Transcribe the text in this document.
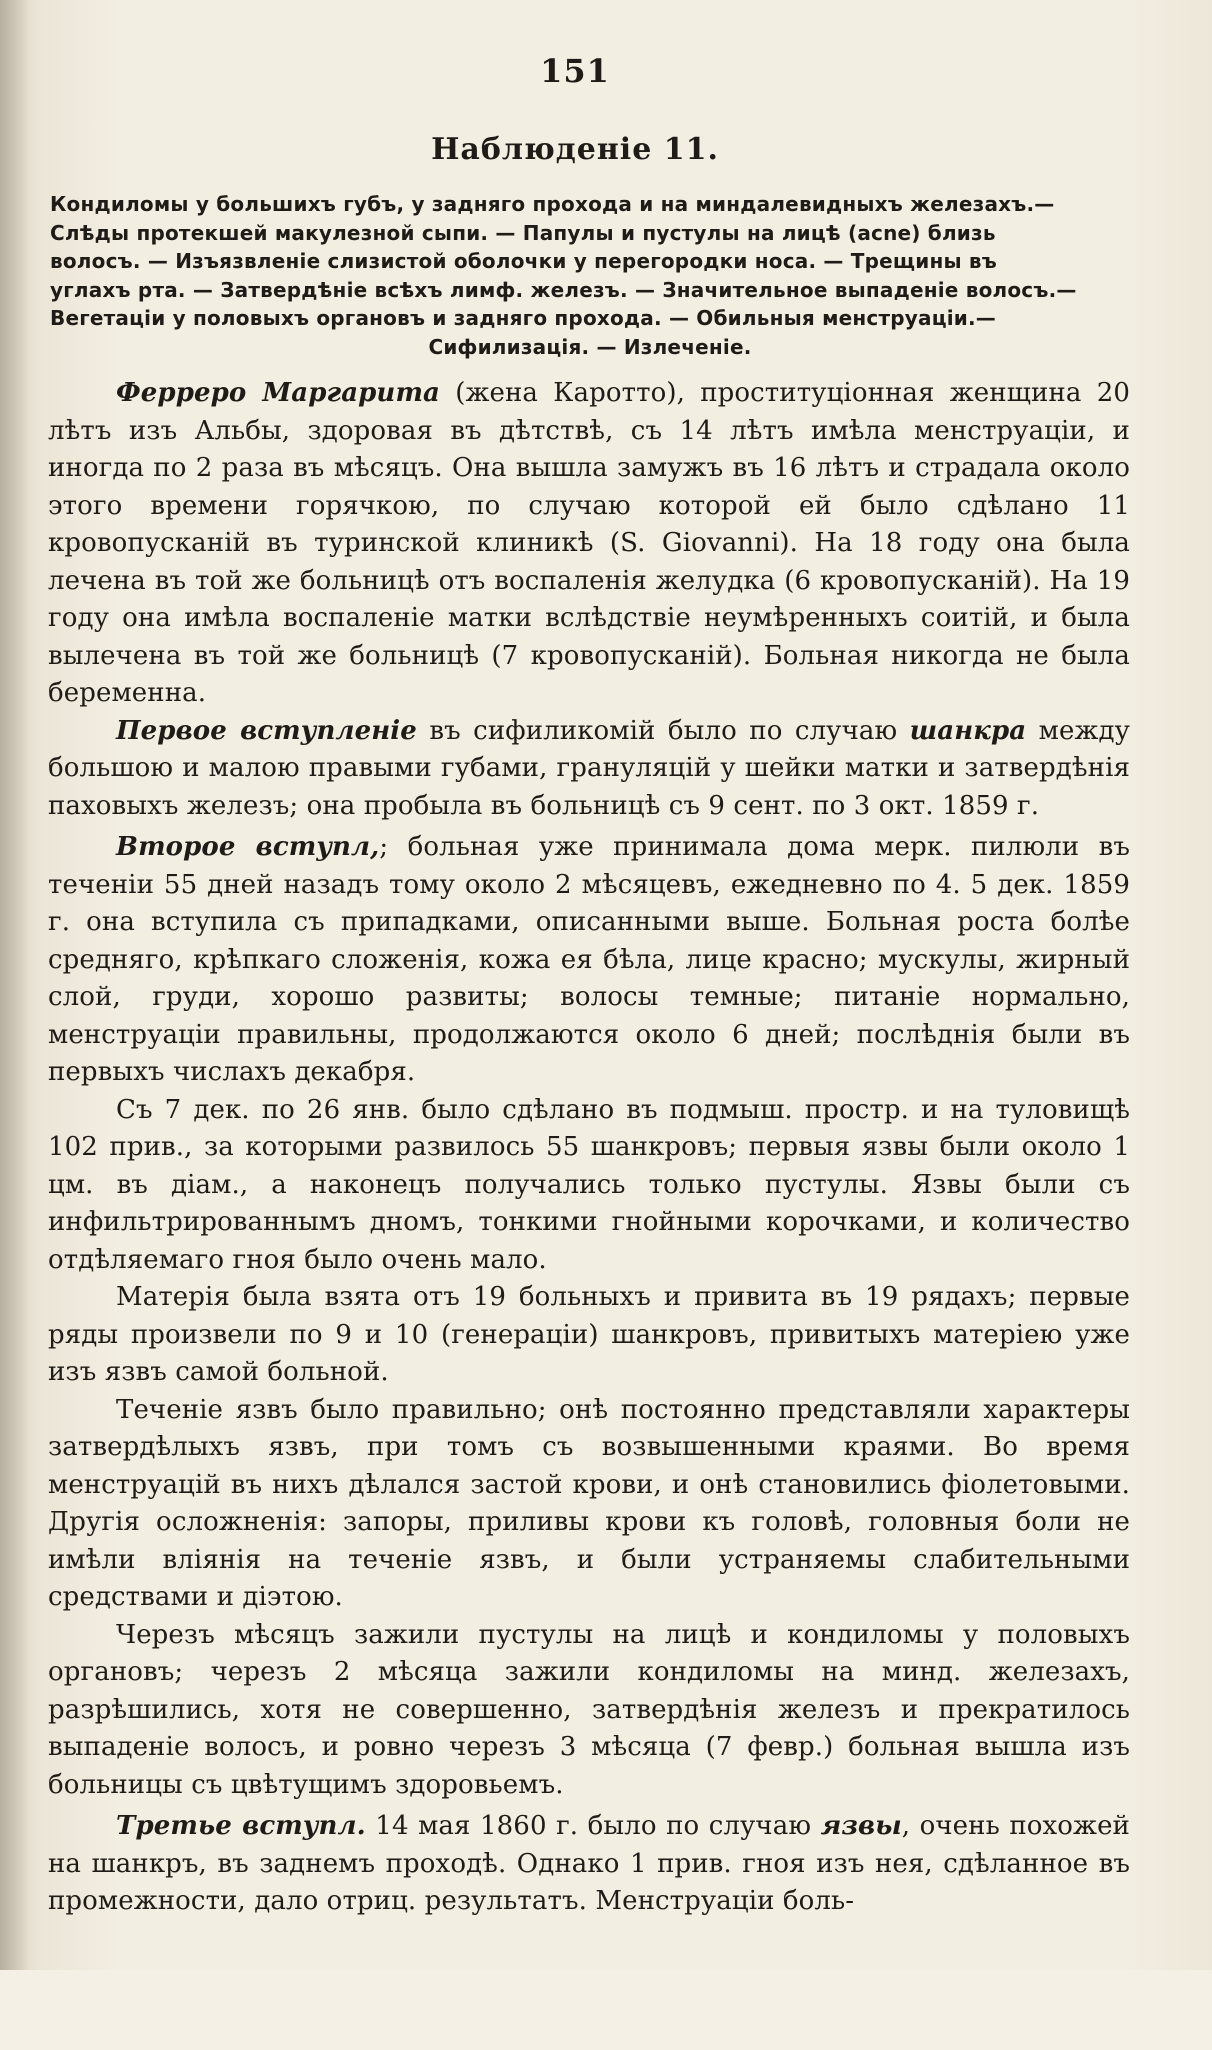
151
Наблюденіе 11.
Кондиломы у большихъ губъ, у задняго прохода и на миндалевидныхъ железахъ.—
Слѣды протекшей макулезной сыпи. — Папулы и пустулы на лицѣ (acne) близь
волосъ. — Изъязвленіе слизистой оболочки у перегородки носа. — Трещины въ
углахъ рта. — Затвердѣніе всѣхъ лимф. железъ. — Значительное выпаденіе волосъ.—
Вегетаціи у половыхъ органовъ и задняго прохода. — Обильныя менструаціи.—
Сифилизація. — Излеченіе.

Ферреро Маргарита (жена Каротто), проституціонная женщина 20 лѣтъ изъ Альбы, здоровая въ дѣтствѣ, съ 14 лѣтъ имѣла менструаціи, и иногда по 2 раза въ мѣсяцъ. Она вышла замужъ въ 16 лѣтъ и страдала около этого времени горячкою, по случаю которой ей было сдѣлано 11 кровопусканій въ туринской клиникѣ (S. Giovanni). На 18 году она была лечена въ той же больницѣ отъ воспаленія желудка (6 кровопусканій). На 19 году она имѣла воспаленіе матки вслѣдствіе неумѣренныхъ соитій, и была вылечена въ той же больницѣ (7 кровопусканій). Больная никогда не была беременна.

Первое вступленіе въ сифиликомій было по случаю шанкра между большою и малою правыми губами, грануляцій у шейки матки и затвердѣнія паховыхъ железъ; она пробыла въ больницѣ съ 9 сент. по 3 окт. 1859 г.

Второе вступл,; больная уже принимала дома мерк. пилюли въ теченіи 55 дней назадъ тому около 2 мѣсяцевъ, ежедневно по 4. 5 дек. 1859 г. она вступила съ припадками, описанными выше. Больная роста болѣе средняго, крѣпкаго сложенія, кожа ея бѣла, лице красно; мускулы, жирный слой, груди, хорошо развиты; волосы темные; питаніе нормально, менструаціи правильны, продолжаются около 6 дней; послѣднія были въ первыхъ числахъ декабря.

Съ 7 дек. по 26 янв. было сдѣлано въ подмыш. простр. и на туловищѣ 102 прив., за которыми развилось 55 шанкровъ; первыя язвы были около 1 цм. въ діам., а наконецъ получались только пустулы. Язвы были съ инфильтрированнымъ дномъ, тонкими гнойными корочками, и количество отдѣляемаго гноя было очень мало.

Матерія была взята отъ 19 больныхъ и привита въ 19 рядахъ; первые ряды произвели по 9 и 10 (генераціи) шанкровъ, привитыхъ матеріею уже изъ язвъ самой больной.

Теченіе язвъ было правильно; онѣ постоянно представляли характеры затвердѣлыхъ язвъ, при томъ съ возвышенными краями. Во время менструацій въ нихъ дѣлался застой крови, и онѣ становились фіолетовыми. Другія осложненія: запоры, приливы крови къ головѣ, головныя боли не имѣли вліянія на теченіе язвъ, и были устраняемы слабительными средствами и діэтою.

Черезъ мѣсяцъ зажили пустулы на лицѣ и кондиломы у половыхъ органовъ; черезъ 2 мѣсяца зажили кондиломы на минд. железахъ, разрѣшились, хотя не совершенно, затвердѣнія железъ и прекратилось выпаденіе волосъ, и ровно черезъ 3 мѣсяца (7 февр.) больная вышла изъ больницы съ цвѣтущимъ здоровьемъ.

Третье вступл. 14 мая 1860 г. было по случаю язвы, очень похожей на шанкръ, въ заднемъ проходѣ. Однако 1 прив. гноя изъ нея, сдѣланное въ промежности, дало отриц. результатъ. Менструаціи боль-
